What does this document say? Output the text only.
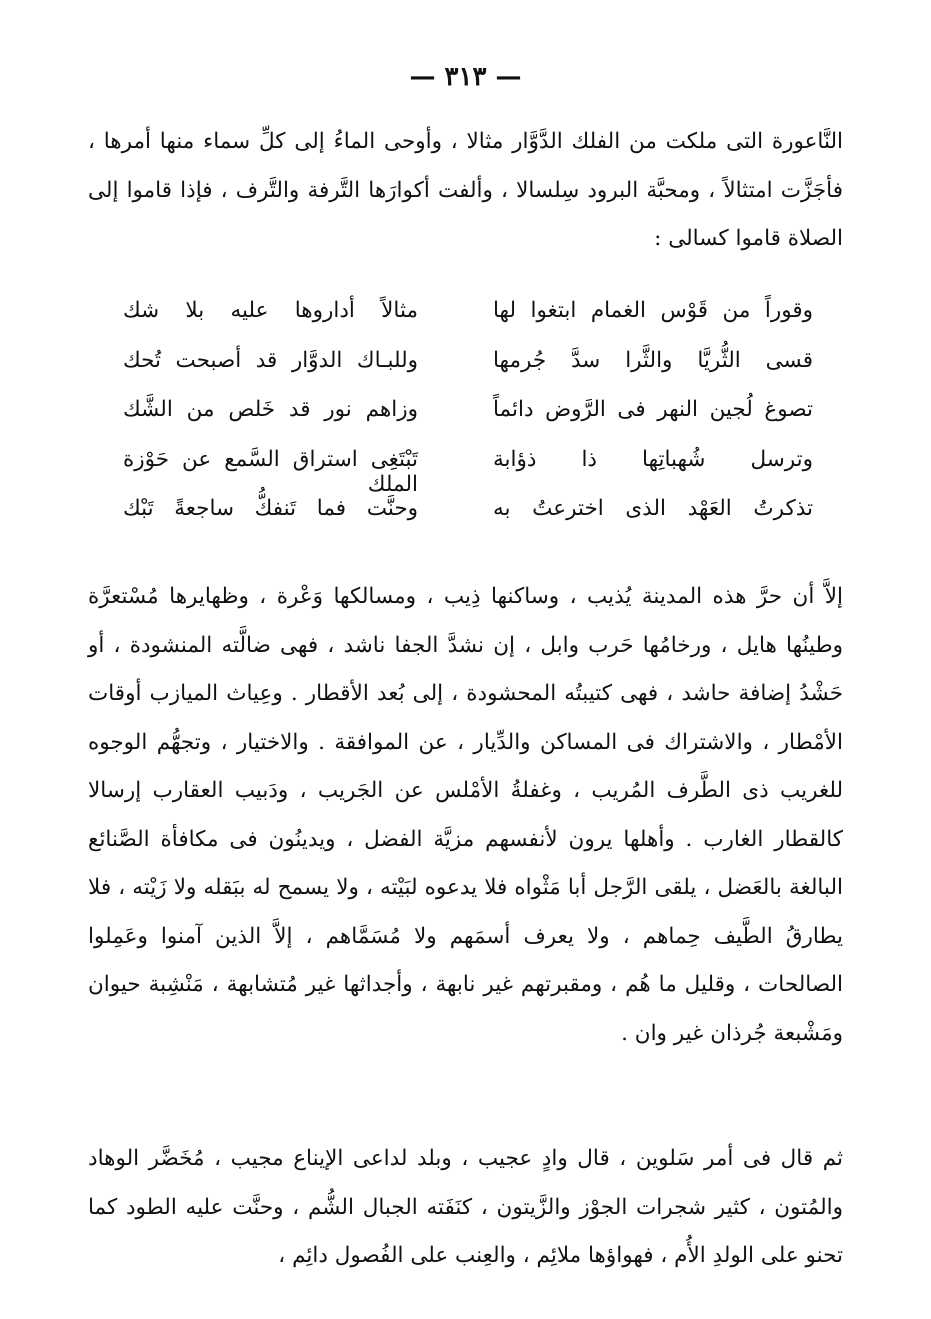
— ٣١٣ —

النَّاعورة التى ملكت من الفلك الدَّوَّار مثالا ، وأوحى الماءُ إلى كلِّ سماء منها أمرها ، فأجَزَّت امتثالاً ، ومحبَّة البرود سِلسالا ، وألفت أكوارَها التَّرفة والتَّرف ، فإذا قاموا إلى الصلاة قاموا كسالى :

وقوراً من قَوْس الغمام ابتغوا لها
مثالاً أداروها عليه بلا شك
قسى الثُّريَّا والثَّرا سدَّ جُرمها
وللبـاك الدوَّار قد أصبحت تُحك
تصوغ لُجين النهر فى الرَّوض دائماً
وزاهم نور قد خَلص من الشَّك
وترسل شُهباتِها ذا ذؤابة
تَبْتَغِى استراق السَّمع عن حَوْزة الملك
تذكرتُ العَهْد الذى اخترعتُ به
وحنَّت فما تَنفكُّ ساجعةً تَبْك

إلاَّ أن حرَّ هذه المدينة يُذيب ، وساكنها ذِيب ، ومسالكها وَعْرة ، وظهايرها مُسْتعرَّة وطينُها هايل ، ورخامُها حَرب وابل ، إن نشدَّ الجفا ناشد ، فهى ضالَّته المنشودة ، أو حَشْدُ إضافة حاشد ، فهى كتيبتُه المحشودة ، إلى بُعد الأقطار . وعِياث الميازب أوقات الأمْطار ، والاشتراك فى المساكن والدِّيار ، عن الموافقة . والاختيار ، وتجهُّم الوجوه للغريب ذى الطَّرف المُريب ، وغفلةُ الأمْلس عن الجَريب ، ودَبيب العقارب إرسالا كالقطار الغارب . وأهلها يرون لأنفسهم مزيَّة الفضل ، ويدينُون فى مكافأة الصَّنائع البالغة بالعَضل ، يلقى الرَّجل أبا مَثْواه فلا يدعوه لبَيْته ، ولا يسمح له ببَقله ولا زَيْته ، فلا يطارقُ الطَّيف حِماهم ، ولا يعرف أسمَهم ولا مُسَمَّاهم ، إلاَّ الذين آمنوا وعَمِلوا الصالحات ، وقليل ما هُم ، ومقبرتهم غير نابهة ، وأجداثها غير مُتشابهة ، مَنْشِبة حيوان ومَشْبعة جُرذان غير وان .

ثم قال فى أمر سَلوين ، قال وادٍ عجيب ، وبلد لداعى الإيناع مجيب ، مُخَضَّر الوهاد والمُتون ، كثير شجرات الجوْز والزَّيتون ، كنَفَته الجبال الشُّم ، وحنَّت عليه الطود كما تحنو على الولدِ الأُم ، فهواؤها ملائِم ، والعِنب على الفُصول دائِم ،
